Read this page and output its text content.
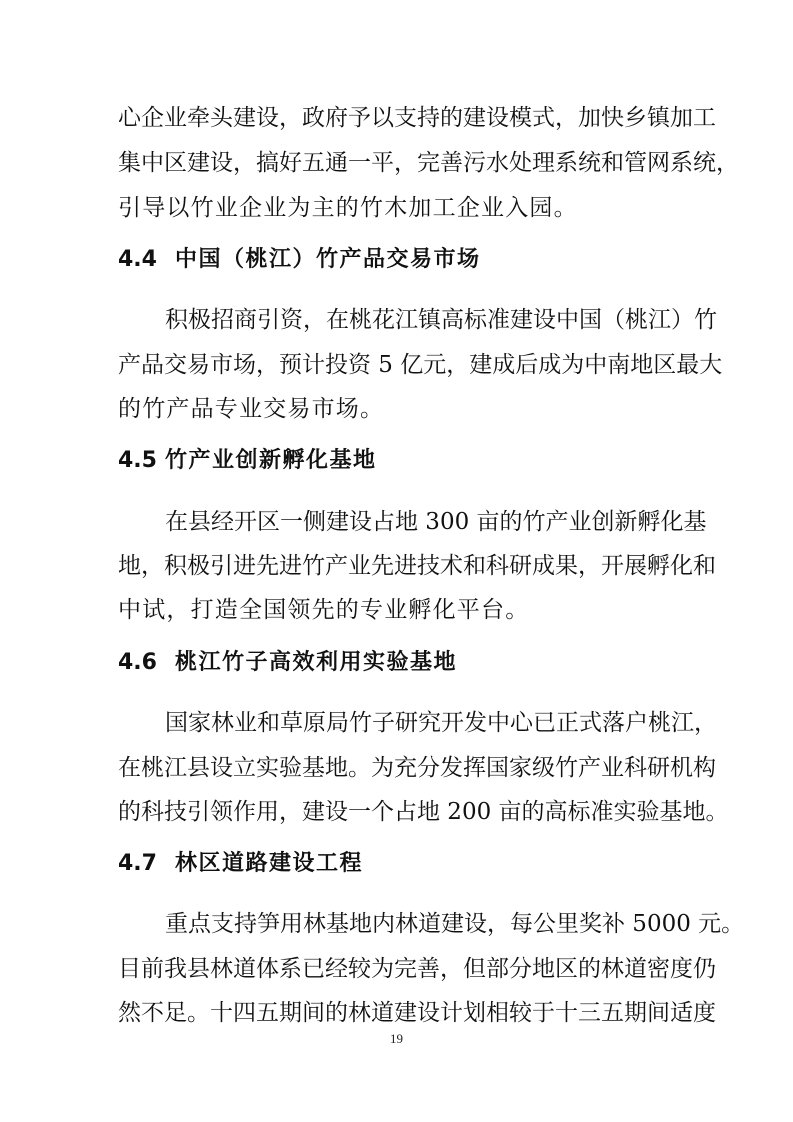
心企业牵头建设，政府予以支持的建设模式，加快乡镇加工
集中区建设，搞好五通一平，完善污水处理系统和管网系统，
引导以竹业企业为主的竹木加工企业入园。
4.4 中国（桃江）竹产品交易市场
积极招商引资，在桃花江镇高标准建设中国（桃江）竹
产品交易市场，预计投资 5 亿元，建成后成为中南地区最大
的竹产品专业交易市场。
4.5 竹产业创新孵化基地
在县经开区一侧建设占地 300 亩的竹产业创新孵化基
地，积极引进先进竹产业先进技术和科研成果，开展孵化和
中试，打造全国领先的专业孵化平台。
4.6 桃江竹子高效利用实验基地
国家林业和草原局竹子研究开发中心已正式落户桃江，
在桃江县设立实验基地。为充分发挥国家级竹产业科研机构
的科技引领作用，建设一个占地 200 亩的高标准实验基地。
4.7 林区道路建设工程
重点支持笋用林基地内林道建设，每公里奖补 5000 元。
目前我县林道体系已经较为完善，但部分地区的林道密度仍
然不足。十四五期间的林道建设计划相较于十三五期间适度
19
